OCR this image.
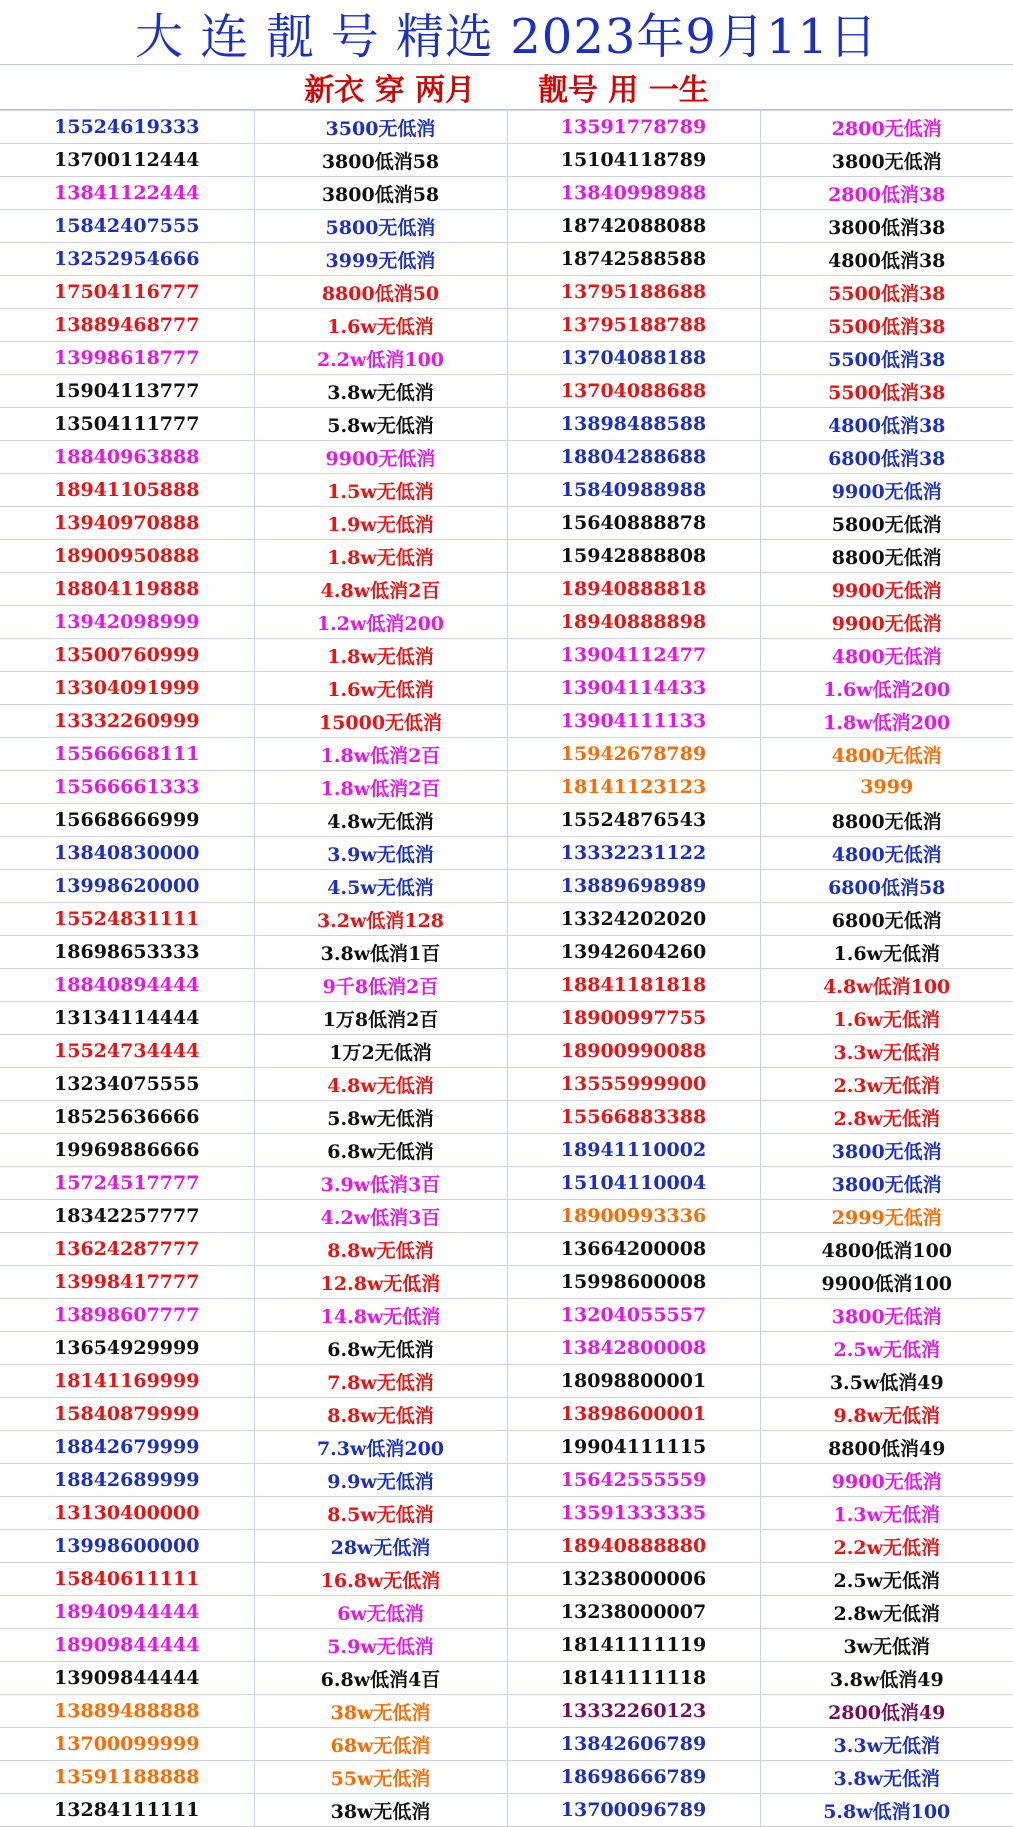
大 连 靓 号 精选 2023年9月11日
新衣 穿 两月      靓号 用 一生
15524619333	3500无低消	13591778789	2800无低消
13700112444	3800低消58	15104118789	3800无低消
13841122444	3800低消58	13840998988	2800低消38
15842407555	5800无低消	18742088088	3800低消38
13252954666	3999无低消	18742588588	4800低消38
17504116777	8800低消50	13795188688	5500低消38
13889468777	1.6w无低消	13795188788	5500低消38
13998618777	2.2w低消100	13704088188	5500低消38
15904113777	3.8w无低消	13704088688	5500低消38
13504111777	5.8w无低消	13898488588	4800低消38
18840963888	9900无低消	18804288688	6800低消38
18941105888	1.5w无低消	15840988988	9900无低消
13940970888	1.9w无低消	15640888878	5800无低消
18900950888	1.8w无低消	15942888808	8800无低消
18804119888	4.8w低消2百	18940888818	9900无低消
13942098999	1.2w低消200	18940888898	9900无低消
13500760999	1.8w无低消	13904112477	4800无低消
13304091999	1.6w无低消	13904114433	1.6w低消200
13332260999	15000无低消	13904111133	1.8w低消200
15566668111	1.8w低消2百	15942678789	4800无低消
15566661333	1.8w低消2百	18141123123	3999
15668666999	4.8w无低消	15524876543	8800无低消
13840830000	3.9w无低消	13332231122	4800无低消
13998620000	4.5w无低消	13889698989	6800低消58
15524831111	3.2w低消128	13324202020	6800无低消
18698653333	3.8w低消1百	13942604260	1.6w无低消
18840894444	9千8低消2百	18841181818	4.8w低消100
13134114444	1万8低消2百	18900997755	1.6w无低消
15524734444	1万2无低消	18900990088	3.3w无低消
13234075555	4.8w无低消	13555999900	2.3w无低消
18525636666	5.8w无低消	15566883388	2.8w无低消
19969886666	6.8w无低消	18941110002	3800无低消
15724517777	3.9w低消3百	15104110004	3800无低消
18342257777	4.2w低消3百	18900993336	2999无低消
13624287777	8.8w无低消	13664200008	4800低消100
13998417777	12.8w无低消	15998600008	9900低消100
13898607777	14.8w无低消	13204055557	3800无低消
13654929999	6.8w无低消	13842800008	2.5w无低消
18141169999	7.8w无低消	18098800001	3.5w低消49
15840879999	8.8w无低消	13898600001	9.8w无低消
18842679999	7.3w低消200	19904111115	8800低消49
18842689999	9.9w无低消	15642555559	9900无低消
13130400000	8.5w无低消	13591333335	1.3w无低消
13998600000	28w无低消	18940888880	2.2w无低消
15840611111	16.8w无低消	13238000006	2.5w无低消
18940944444	6w无低消	13238000007	2.8w无低消
18909844444	5.9w无低消	18141111119	3w无低消
13909844444	6.8w低消4百	18141111118	3.8w低消49
13889488888	38w无低消	13332260123	2800低消49
13700099999	68w无低消	13842606789	3.3w无低消
13591188888	55w无低消	18698666789	3.8w无低消
13284111111	38w无低消	13700096789	5.8w低消100
